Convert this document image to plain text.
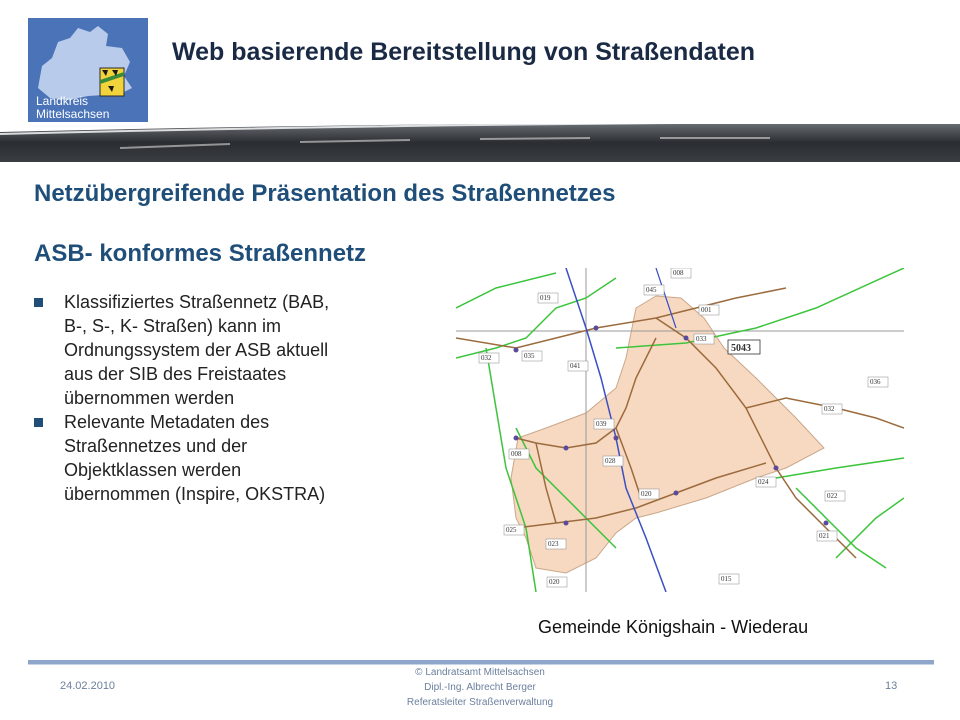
Landkreis
Mittelsachsen
Web basierende Bereitstellung von Straßendaten
Netzübergreifende Präsentation des Straßennetzes
ASB- konformes Straßennetz
Klassifiziertes Straßennetz (BAB,
B-, S-, K- Straßen) kann im
Ordnungssystem der ASB aktuell
aus der SIB des Freistaates
übernommen werden
Relevante Metadaten des
Straßennetzes und der
Objektklassen werden
übernommen (Inspire, OKSTRA)
008
045
019
001
033
5043
032	035
041
036
032
039
008
028
024
020	022
025
023
021
020	015
Gemeinde Königshain - Wiederau
24.02.2010
© Landratsamt Mittelsachsen
Dipl.-Ing. Albrecht Berger
Referatsleiter Straßenverwaltung
13
